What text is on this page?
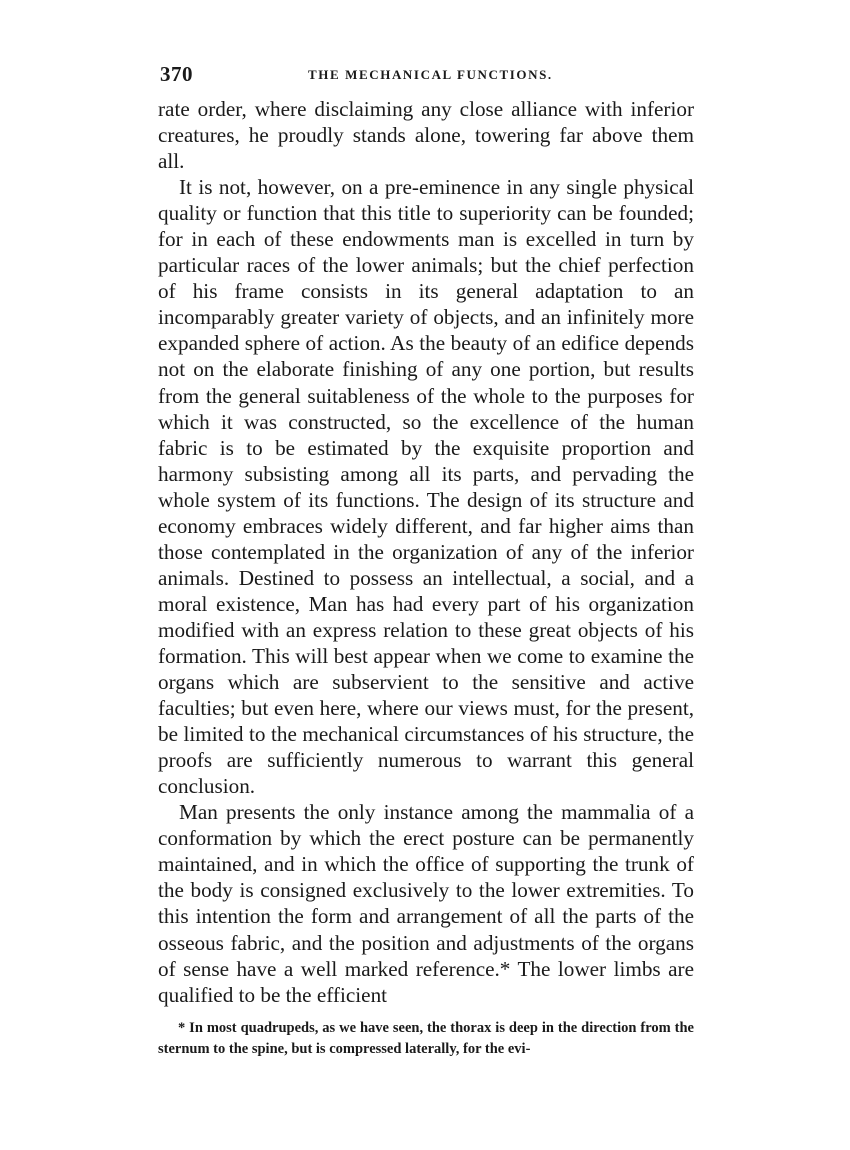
370	THE MECHANICAL FUNCTIONS.

rate order, where disclaiming any close alliance with inferior creatures, he proudly stands alone, towering far above them all.

It is not, however, on a pre-eminence in any single physical quality or function that this title to superiority can be founded; for in each of these endowments man is excelled in turn by particular races of the lower animals; but the chief perfection of his frame consists in its general adaptation to an incomparably greater variety of objects, and an infinitely more expanded sphere of action. As the beauty of an edifice depends not on the elaborate finishing of any one portion, but results from the general suitableness of the whole to the purposes for which it was constructed, so the excellence of the human fabric is to be estimated by the exquisite proportion and harmony subsisting among all its parts, and pervading the whole system of its functions. The design of its structure and economy embraces widely different, and far higher aims than those contemplated in the organization of any of the inferior animals. Destined to possess an intellectual, a social, and a moral existence, Man has had every part of his organization modified with an express relation to these great objects of his formation. This will best appear when we come to examine the organs which are subservient to the sensitive and active faculties; but even here, where our views must, for the present, be limited to the mechanical circumstances of his structure, the proofs are sufficiently numerous to warrant this general conclusion.

Man presents the only instance among the mammalia of a conformation by which the erect posture can be permanently maintained, and in which the office of supporting the trunk of the body is consigned exclusively to the lower extremities. To this intention the form and arrangement of all the parts of the osseous fabric, and the position and adjustments of the organs of sense have a well marked reference.* The lower limbs are qualified to be the efficient

* In most quadrupeds, as we have seen, the thorax is deep in the direction from the sternum to the spine, but is compressed laterally, for the evi-
